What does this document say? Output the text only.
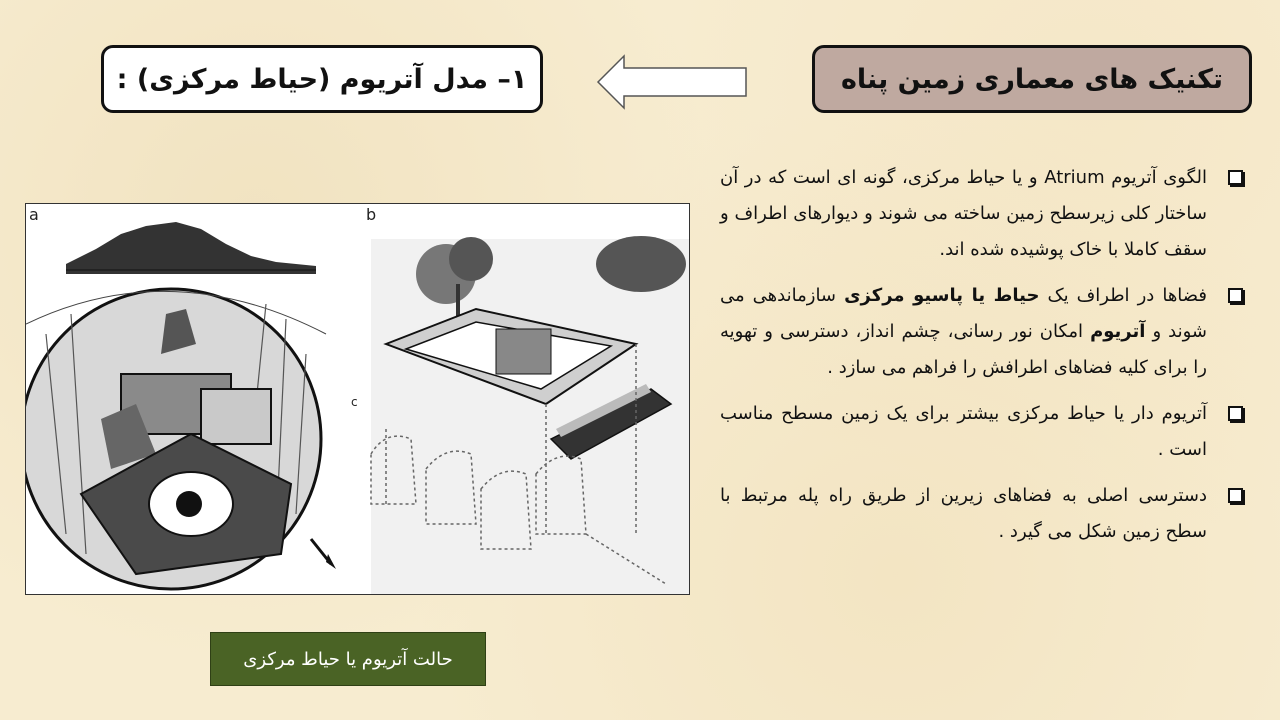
تکنیک های معماری زمین پناه
۱– مدل آتریوم (حیاط مرکزی) :
a
c
b
حالت آتریوم یا حیاط مرکزی
الگوی آتریوم Atrium و یا حیاط مرکزی، گونه ای است که در آن ساختار کلی زیرسطح زمین ساخته می شوند و دیوارهای اطراف و سقف کاملا با خاک پوشیده شده اند.
فضاها در اطراف یک حیاط یا پاسیو مرکزی سازماندهی می شوند و آتریوم امکان نور رسانی، چشم انداز، دسترسی و تهویه را برای کلیه فضاهای اطرافش را فراهم می سازد .
آتریوم دار یا حیاط مرکزی بیشتر برای یک زمین مسطح مناسب است .
دسترسی اصلی به فضاهای زیرین از طریق راه پله مرتبط با سطح زمین شکل می گیرد .
